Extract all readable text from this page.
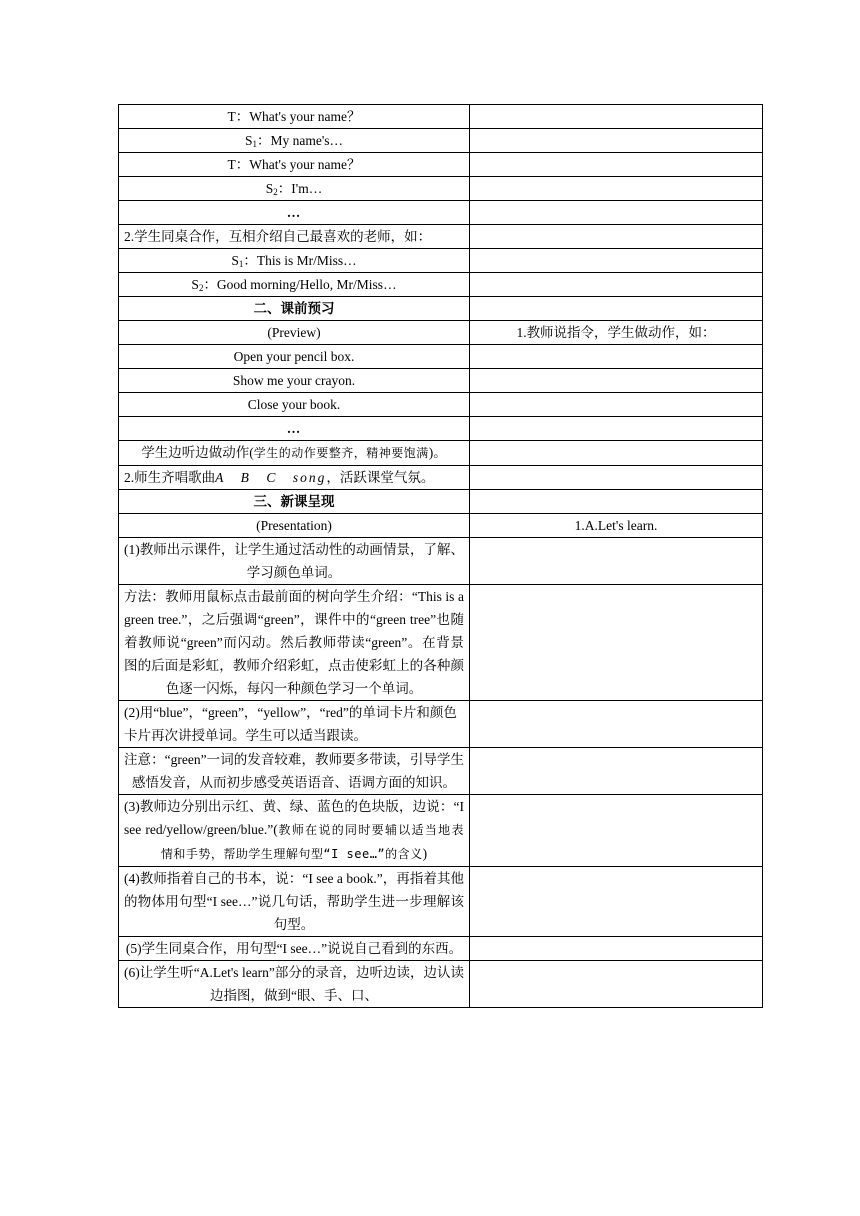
T：What's your name？	
$S_1$：My name's…	
T：What's your name？	
$S_2$：I'm…	
…	
2.学生同桌合作，互相介绍自己最喜欢的老师，如：	
$S_1$：This is Mr/Miss…	
$S_2$：Good morning/Hello, Mr/Miss…	
二、课前预习	
(Preview)	1.教师说指令，学生做动作，如：
Open your pencil box.	
Show me your crayon.	
Close your book.	
…	
学生边听边做动作(学生的动作要整齐，精神要饱满)。	
2.师生齐唱歌曲A　B　C　song，活跃课堂气氛。	
三、新课呈现	
(Presentation)	1.A.Let's learn.
(1)教师出示课件，让学生通过活动性的动画情景，了解、学习颜色单词。	
方法：教师用鼠标点击最前面的树向学生介绍：“This is a green tree.”，之后强调“green”，课件中的“green tree”也随着教师说“green”而闪动。然后教师带读“green”。在背景图的后面是彩虹，教师介绍彩虹，点击使彩虹上的各种颜色逐一闪烁，每闪一种颜色学习一个单词。	
(2)用“blue”，“green”，“yellow”，“red”的单词卡片和颜色卡片再次讲授单词。学生可以适当跟读。	
注意：“green”一词的发音较难，教师要多带读，引导学生感悟发音，从而初步感受英语语音、语调方面的知识。	
(3)教师边分别出示红、黄、绿、蓝色的色块版，边说：“I see red/yellow/green/blue.”(教师在说的同时要辅以适当地表情和手势，帮助学生理解句型“I see…”的含义)	
(4)教师指着自己的书本，说：“I see a book.”，再指着其他的物体用句型“I see…”说几句话，帮助学生进一步理解该句型。	
(5)学生同桌合作，用句型“I see…”说说自己看到的东西。	
(6)让学生听“A.Let's learn”部分的录音，边听边读，边认读边指图，做到“眼、手、口、	
